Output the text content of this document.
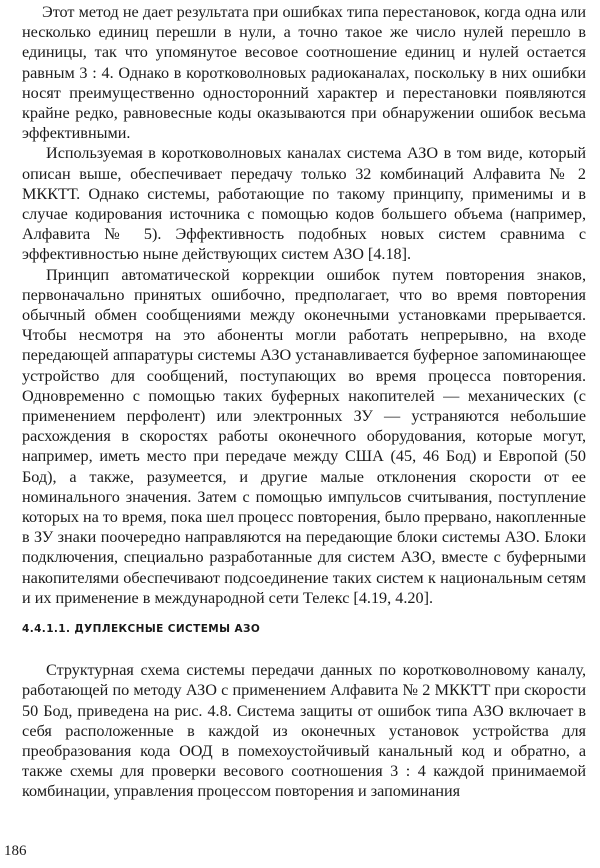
Этот метод не дает результата при ошибках типа перестановок, когда одна или несколько единиц перешли в нули, а точно такое же число нулей перешло в единицы, так что упомянутое весовое соотношение единиц и нулей остается равным 3 : 4. Однако в коротковолновых радиоканалах, поскольку в них ошибки носят преимущественно односторонний характер и перестановки появляются крайне редко, равновесные коды оказываются при обнаружении ошибок весьма эффективными.

Используемая в коротковолновых каналах система АЗО в том виде, который описан выше, обеспечивает передачу только 32 комбинаций Алфавита № 2 МККТТ. Однако системы, работающие по такому принципу, применимы и в случае кодирования источника с помощью кодов большего объема (например, Алфавита № 5). Эффективность подобных новых систем сравнима с эффективностью ныне действующих систем АЗО [4.18].

Принцип автоматической коррекции ошибок путем повторения знаков, первоначально принятых ошибочно, предполагает, что во время повторения обычный обмен сообщениями между оконечными установками прерывается. Чтобы несмотря на это абоненты могли работать непрерывно, на входе передающей аппаратуры системы АЗО устанавливается буферное запоминающее устройство для сообщений, поступающих во время процесса повторения. Одновременно с помощью таких буферных накопителей — механических (с применением перфолент) или электронных ЗУ — устраняются небольшие расхождения в скоростях работы оконечного оборудования, которые могут, например, иметь место при передаче между США (45, 46 Бод) и Европой (50 Бод), а также, разумеется, и другие малые отклонения скорости от ее номинального значения. Затем с помощью импульсов считывания, поступление которых на то время, пока шел процесс повторения, было прервано, накопленные в ЗУ знаки поочередно направляются на передающие блоки системы АЗО. Блоки подключения, специально разработанные для систем АЗО, вместе с буферными накопителями обеспечивают подсоединение таких систем к национальным сетям и их применение в международной сети Телекс [4.19, 4.20].

4.4.1.1. ДУПЛЕКСНЫЕ СИСТЕМЫ АЗО

Структурная схема системы передачи данных по коротковолновому каналу, работающей по методу АЗО с применением Алфавита № 2 МККТТ при скорости 50 Бод, приведена на рис. 4.8. Система защиты от ошибок типа АЗО включает в себя расположенные в каждой из оконечных установок устройства для преобразования кода ООД в помехоустойчивый канальный код и обратно, а также схемы для проверки весового соотношения 3 : 4 каждой принимаемой комбинации, управления процессом повторения и запоминания

186
